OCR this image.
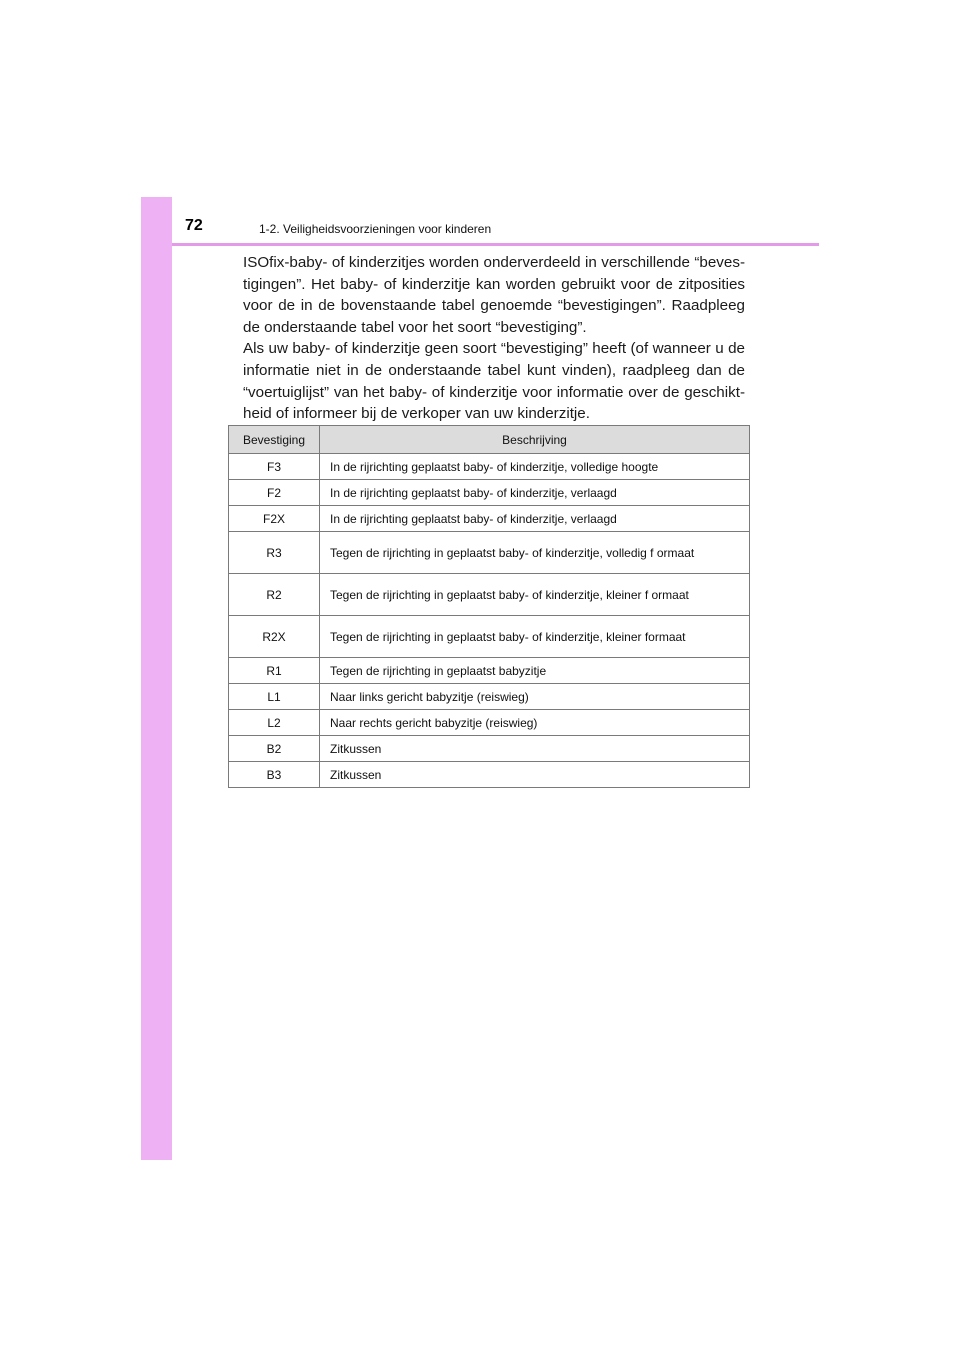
72	1-2. Veiligheidsvoorzieningen voor kinderen

ISOfix-baby- of kinderzitjes worden onderverdeeld in verschillende “bevestigingen”. Het baby- of kinderzitje kan worden gebruikt voor de zitposities voor de in de bovenstaande tabel genoemde “bevestigingen”. Raadpleeg de onderstaande tabel voor het soort “bevestiging”.

Als uw baby- of kinderzitje geen soort “bevestiging” heeft (of wanneer u de informatie niet in de onderstaande tabel kunt vinden), raadpleeg dan de “voertuiglijst” van het baby- of kinderzitje voor informatie over de geschiktheid of informeer bij de verkoper van uw kinderzitje.

Bevestiging	Beschrijving
F3	In de rijrichting geplaatst baby- of kinderzitje, volledige hoogte
F2	In de rijrichting geplaatst baby- of kinderzitje, verlaagd
F2X	In de rijrichting geplaatst baby- of kinderzitje, verlaagd
R3	Tegen de rijrichting in geplaatst baby- of kinderzitje, volledig f ormaat
R2	Tegen de rijrichting in geplaatst baby- of kinderzitje, kleiner f ormaat
R2X	Tegen de rijrichting in geplaatst baby- of kinderzitje, kleiner formaat
R1	Tegen de rijrichting in geplaatst babyzitje
L1	Naar links gericht babyzitje (reiswieg)
L2	Naar rechts gericht babyzitje (reiswieg)
B2	Zitkussen
B3	Zitkussen
